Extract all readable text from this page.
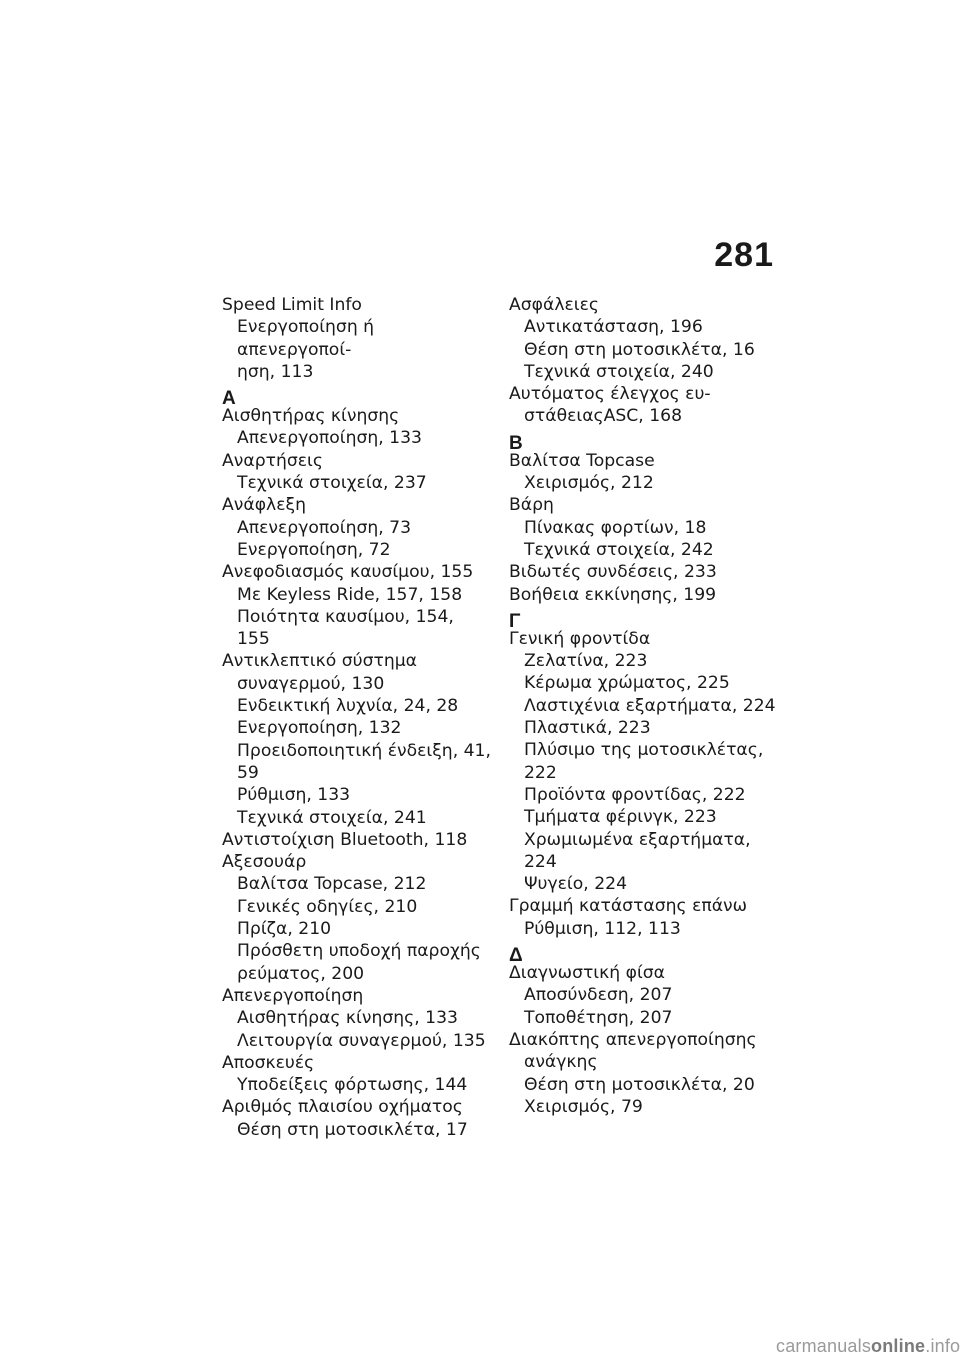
281
Speed Limit Info
Ενεργοποίηση ή απενεργοποί-
ηση, 113
Α
Αισθητήρας κίνησης
Απενεργοποίηση, 133
Αναρτήσεις
Τεχνικά στοιχεία, 237
Ανάφλεξη
Απενεργοποίηση, 73
Ενεργοποίηση, 72
Ανεφοδιασμός καυσίμου, 155
Με Keyless Ride, 157, 158
Ποιότητα καυσίμου, 154, 155
Αντικλεπτικό σύστημα
συναγερμού, 130
Ενδεικτική λυχνία, 24, 28
Ενεργοποίηση, 132
Προειδοποιητική ένδειξη, 41,
59
Ρύθμιση, 133
Τεχνικά στοιχεία, 241
Αντιστοίχιση Bluetooth, 118
Αξεσουάρ
Βαλίτσα Topcase, 212
Γενικές οδηγίες, 210
Πρίζα, 210
Πρόσθετη υποδοχή παροχής
ρεύματος, 200
Απενεργοποίηση
Αισθητήρας κίνησης, 133
Λειτουργία συναγερμού, 135
Αποσκευές
Υποδείξεις φόρτωσης, 144
Αριθμός πλαισίου οχήματος
Θέση στη μοτοσικλέτα, 17
Ασφάλειες
Αντικατάσταση, 196
Θέση στη μοτοσικλέτα, 16
Τεχνικά στοιχεία, 240
Αυτόματος έλεγχος ευ-
στάθειαςASC, 168
Β
Βαλίτσα Topcase
Χειρισμός, 212
Βάρη
Πίνακας φορτίων, 18
Τεχνικά στοιχεία, 242
Βιδωτές συνδέσεις, 233
Βοήθεια εκκίνησης, 199
Γ
Γενική φροντίδα
Ζελατίνα, 223
Κέρωμα χρώματος, 225
Λαστιχένια εξαρτήματα, 224
Πλαστικά, 223
Πλύσιμο της μοτοσικλέτας, 222
Προϊόντα φροντίδας, 222
Τμήματα φέρινγκ, 223
Χρωμιωμένα εξαρτήματα, 224
Ψυγείο, 224
Γραμμή κατάστασης επάνω
Ρύθμιση, 112, 113
Δ
Διαγνωστική φίσα
Αποσύνδεση, 207
Τοποθέτηση, 207
Διακόπτης απενεργοποίησης
ανάγκης
Θέση στη μοτοσικλέτα, 20
Χειρισμός, 79
carmanualsonline.info
